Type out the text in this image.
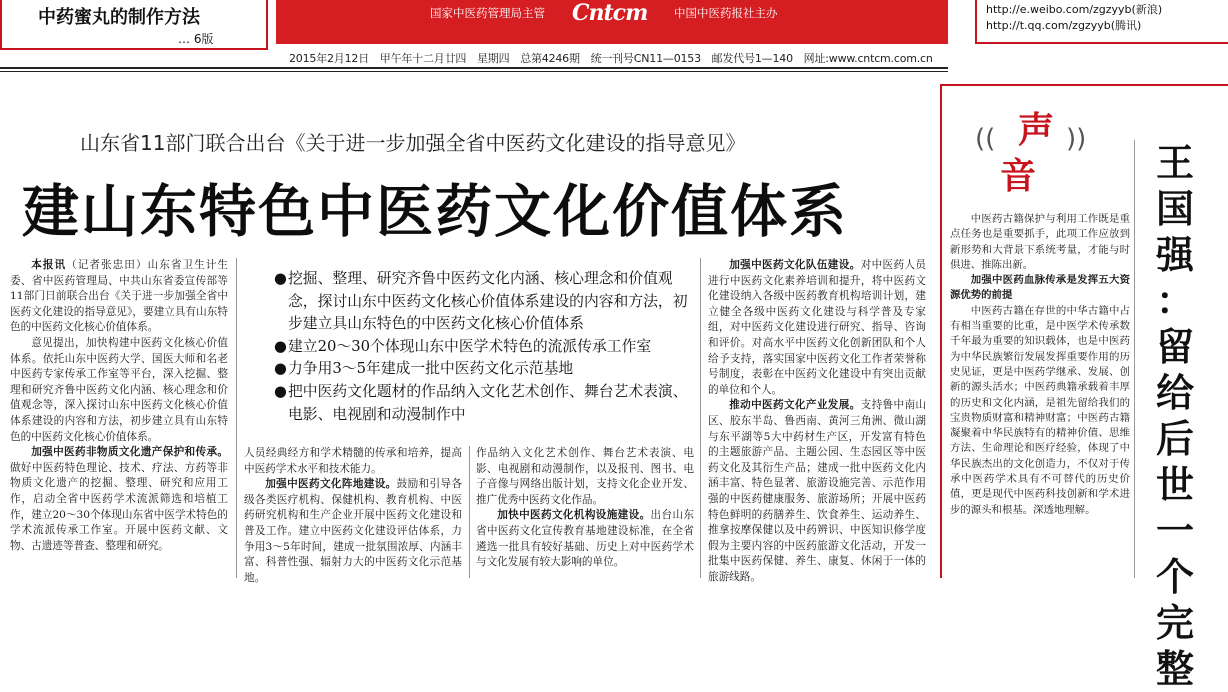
中药蜜丸的制作方法
… 6版
国家中医药管理局主管 Cntcm 中国中医药报社主办	http://e.weibo.com/zgzyyb(新浪)
http://t.qq.com/zgzyyb(腾讯)
2015年2月12日　甲午年十二月廿四　星期四　总第4246期　统一刊号CN11—0153　邮发代号1—140　网址:www.cntcm.com.cn
山东省11部门联合出台《关于进一步加强全省中医药文化建设的指导意见》
建山东特色中医药文化价值体系

本报讯（记者张忠田）山东省卫生计生委、省中医药管理局、中共山东省委宣传部等11部门日前联合出台《关于进一步加强全省中医药文化建设的指导意见》，要建立具有山东特色的中医药文化核心价值体系。

意见提出，加快构建中医药文化核心价值体系。依托山东中医药大学、国医大师和名老中医药专家传承工作室等平台，深入挖掘、整理和研究齐鲁中医药文化内涵、核心理念和价值观念等，深入探讨山东中医药文化核心价值体系建设的内容和方法，初步建立具有山东特色的中医药文化核心价值体系。

加强中医药非物质文化遗产保护和传承。做好中医药特色理论、技术、疗法、方药等非物质文化遗产的挖掘、整理、研究和应用工作，启动全省中医药学术流派筛选和培植工作，建立20～30个体现山东省中医学术特色的学术流派传承工作室。开展中医药文献、文物、古遗迹等普查、整理和研究。

● 挖掘、整理、研究齐鲁中医药文化内涵、核心理念和价值观念，探讨山东中医药文化核心价值体系建设的内容和方法，初步建立具山东特色的中医药文化核心价值体系
● 建立20～30个体现山东中医学术特色的流派传承工作室
● 力争用3～5年建成一批中医药文化示范基地
● 把中医药文化题材的作品纳入文化艺术创作、舞台艺术表演、电影、电视剧和动漫制作中

人员经典经方和学术精髓的传承和培养，提高中医药学术水平和技术能力。

加强中医药文化阵地建设。鼓励和引导各级各类医疗机构、保健机构、教育机构、中医药研究机构和生产企业开展中医药文化建设和普及工作。建立中医药文化建设评估体系，力争用3～5年时间，建成一批氛围浓厚、内涵丰富、科普性强、辐射力大的中医药文化示范基地。

作品纳入文化艺术创作、舞台艺术表演、电影、电视剧和动漫制作，以及报刊、图书、电子音像与网络出版计划，支持文化企业开发、推广优秀中医药文化作品。

加快中医药文化机构设施建设。出台山东省中医药文化宣传教育基地建设标准，在全省遴选一批具有较好基础、历史上对中医药学术与文化发展有较大影响的单位。

加强中医药文化队伍建设。对中医药人员进行中医药文化素养培训和提升，将中医药文化建设纳入各级中医药教育机构培训计划，建立健全各级中医药文化建设与科学普及专家组，对中医药文化建设进行研究、指导、咨询和评价。对高水平中医药文化创新团队和个人给予支持，落实国家中医药文化工作者荣誉称号制度，表彰在中医药文化建设中有突出贡献的单位和个人。

推动中医药文化产业发展。支持鲁中南山区、胶东半岛、鲁西南、黄河三角洲、微山湖与东平湖等5大中药材生产区，开发富有特色的主题旅游产品、主题公园、生态园区等中医药文化及其衍生产品；建成一批中医药文化内涵丰富、特色显著、旅游设施完善、示范作用强的中医药健康服务、旅游场所；开展中医药特色鲜明的药膳养生、饮食养生、运动养生、推拿按摩保健以及中药辨识、中医知识修学度假为主要内容的中医药旅游文化活动，开发一批集中医药保健、养生、康复、休闲于一体的旅游线路。

((	))
声
音	王
国
强
：
留
给
后
世
一
个
完
整

中医药古籍保护与利用工作既是重点任务也是重要抓手，此项工作应放到新形势和大背景下系统考量，才能与时俱进、推陈出新。

加强中医药血脉传承是发挥五大资源优势的前提

中医药古籍在存世的中华古籍中占有相当重要的比重，是中医学术传承数千年最为重要的知识载体，也是中医药为中华民族繁衍发展发挥重要作用的历史见证，更是中医药学继承、发展、创新的源头活水；中医药典籍承载着丰厚的历史和文化内涵，是祖先留给我们的宝贵物质财富和精神财富；中医药古籍凝聚着中华民族特有的精神价值、思维方法、生命理论和医疗经验，体现了中华民族杰出的文化创造力，不仅对于传承中医药学术具有不可替代的历史价值，更是现代中医药科技创新和学术进步的源头和根基。深透地理解。
